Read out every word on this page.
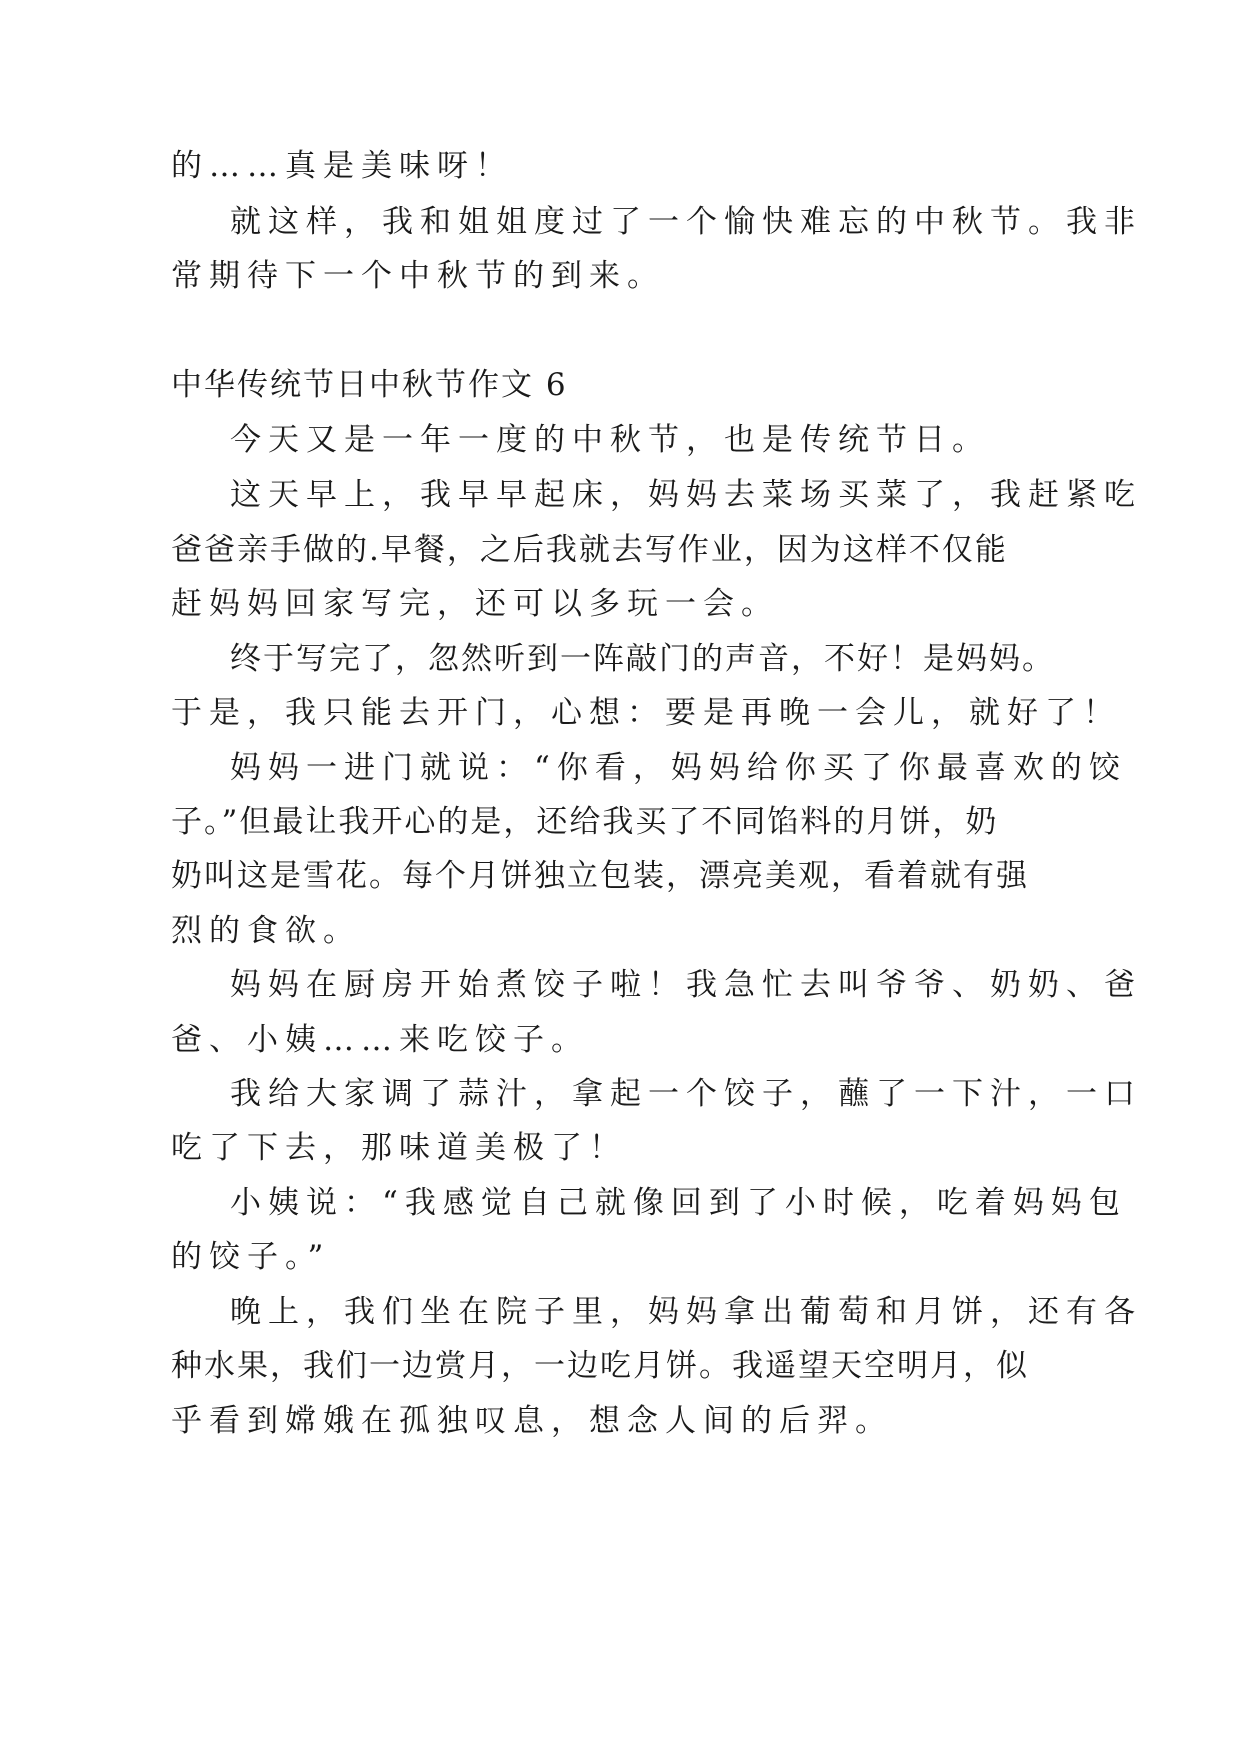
的……真是美味呀！
就这样，我和姐姐度过了一个愉快难忘的中秋节。我非
常期待下一个中秋节的到来。
中华传统节日中秋节作文 6
今天又是一年一度的中秋节，也是传统节日。
这天早上，我早早起床，妈妈去菜场买菜了，我赶紧吃
爸爸亲手做的.早餐，之后我就去写作业，因为这样不仅能
赶妈妈回家写完，还可以多玩一会。
终于写完了，忽然听到一阵敲门的声音，不好！是妈妈。
于是，我只能去开门，心想：要是再晚一会儿，就好了！
妈妈一进门就说：“你看，妈妈给你买了你最喜欢的饺
子。”但最让我开心的是，还给我买了不同馅料的月饼，奶
奶叫这是雪花。每个月饼独立包装，漂亮美观，看着就有强
烈的食欲。
妈妈在厨房开始煮饺子啦！我急忙去叫爷爷、奶奶、爸
爸、小姨……来吃饺子。
我给大家调了蒜汁，拿起一个饺子，蘸了一下汁，一口
吃了下去，那味道美极了！
小姨说：“我感觉自己就像回到了小时候，吃着妈妈包
的饺子。”
晚上，我们坐在院子里，妈妈拿出葡萄和月饼，还有各
种水果，我们一边赏月，一边吃月饼。我遥望天空明月，似
乎看到嫦娥在孤独叹息，想念人间的后羿。
